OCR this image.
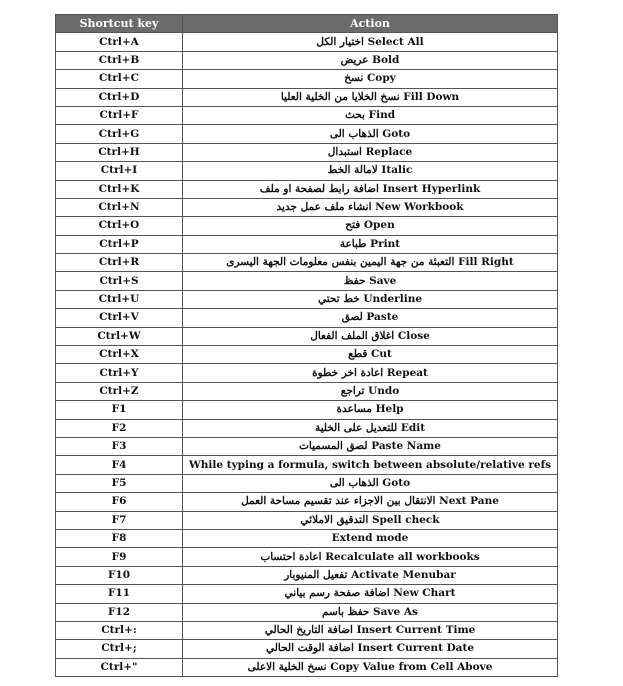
Shortcut key	Action
Ctrl+A	اختيار الكل Select All
Ctrl+B	عريض Bold
Ctrl+C	نسخ Copy
Ctrl+D	نسخ الخلايا من الخلية العليا Fill Down
Ctrl+F	بحث Find
Ctrl+G	الذهاب الى Goto
Ctrl+H	استبدال Replace
Ctrl+I	لامالة الخط Italic
Ctrl+K	اضافة رابط لصفحة او ملف Insert Hyperlink
Ctrl+N	انشاء ملف عمل جديد New Workbook
Ctrl+O	فتح Open
Ctrl+P	طباعة Print
Ctrl+R	التعبئة من جهة اليمين بنفس معلومات الجهة اليسرى Fill Right
Ctrl+S	حفظ Save
Ctrl+U	خط تحتي Underline
Ctrl+V	لصق Paste
Ctrl+W	اغلاق الملف الفعال Close
Ctrl+X	قطع Cut
Ctrl+Y	اعادة اخر خطوة Repeat
Ctrl+Z	تراجع Undo
F1	مساعدة Help
F2	للتعديل على الخلية Edit
F3	لصق المسميات Paste Name
F4	While typing a formula, switch between absolute/relative refs
F5	الذهاب الى Goto
F6	الانتقال بين الاجزاء عند تقسيم مساحة العمل Next Pane
F7	التدقيق الاملائي Spell check
F8	Extend mode
F9	اعادة احتساب Recalculate all workbooks
F10	تفعيل المنيوبار Activate Menubar
F11	اضافة صفحة رسم بياني New Chart
F12	حفظ باسم Save As
Ctrl+:	اضافة التاريخ الحالي Insert Current Time
Ctrl+;	اضافة الوقت الحالي Insert Current Date
Ctrl+"	نسخ الخلية الاعلى Copy Value from Cell Above
